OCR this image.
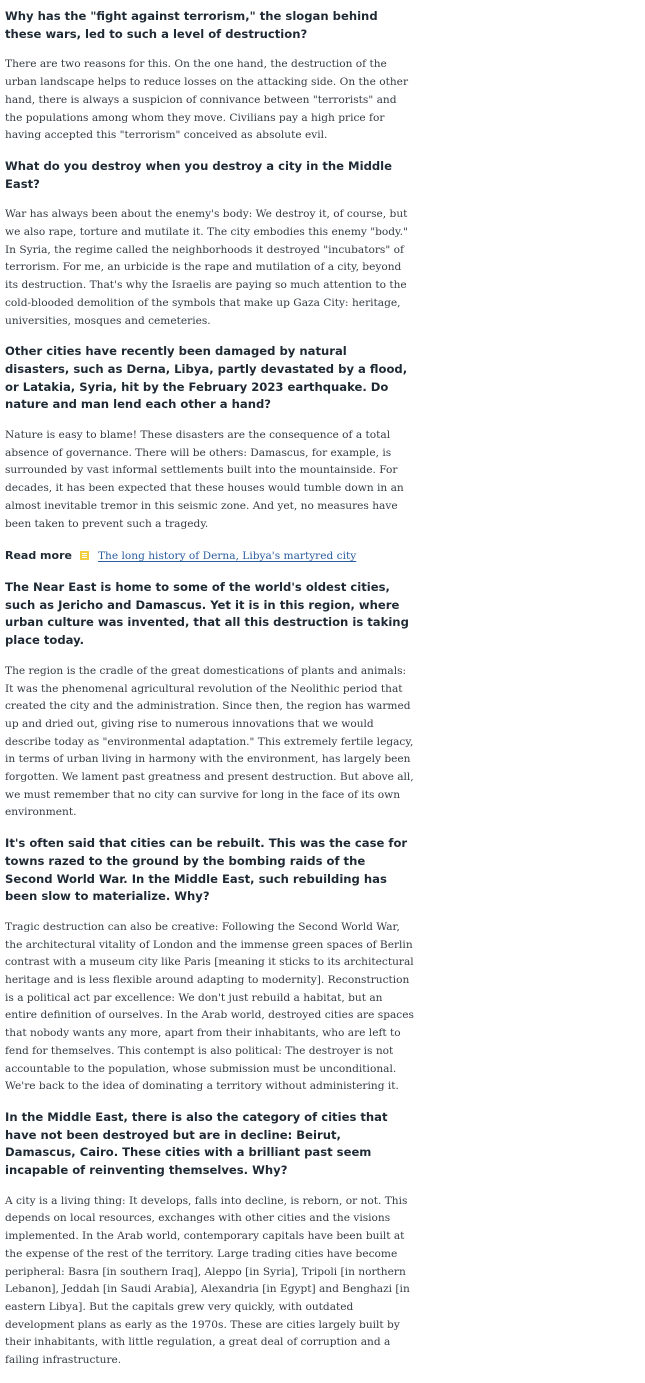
Why has the "fight against terrorism," the slogan behind these wars, led to such a level of destruction?

There are two reasons for this. On the one hand, the destruction of the urban landscape helps to reduce losses on the attacking side. On the other hand, there is always a suspicion of connivance between "terrorists" and the populations among whom they move. Civilians pay a high price for having accepted this "terrorism" conceived as absolute evil.

What do you destroy when you destroy a city in the Middle East?

War has always been about the enemy's body: We destroy it, of course, but we also rape, torture and mutilate it. The city embodies this enemy "body." In Syria, the regime called the neighborhoods it destroyed "incubators" of terrorism. For me, an urbicide is the rape and mutilation of a city, beyond its destruction. That's why the Israelis are paying so much attention to the cold-blooded demolition of the symbols that make up Gaza City: heritage, universities, mosques and cemeteries.

Other cities have recently been damaged by natural disasters, such as Derna, Libya, partly devastated by a flood, or Latakia, Syria, hit by the February 2023 earthquake. Do nature and man lend each other a hand?

Nature is easy to blame! These disasters are the consequence of a total absence of governance. There will be others: Damascus, for example, is surrounded by vast informal settlements built into the mountainside. For decades, it has been expected that these houses would tumble down in an almost inevitable tremor in this seismic zone. And yet, no measures have been taken to prevent such a tragedy.

Read more The long history of Derna, Libya's martyred city

The Near East is home to some of the world's oldest cities, such as Jericho and Damascus. Yet it is in this region, where urban culture was invented, that all this destruction is taking place today.

The region is the cradle of the great domestications of plants and animals: It was the phenomenal agricultural revolution of the Neolithic period that created the city and the administration. Since then, the region has warmed up and dried out, giving rise to numerous innovations that we would describe today as "environmental adaptation." This extremely fertile legacy, in terms of urban living in harmony with the environment, has largely been forgotten. We lament past greatness and present destruction. But above all, we must remember that no city can survive for long in the face of its own environment.

It's often said that cities can be rebuilt. This was the case for towns razed to the ground by the bombing raids of the Second World War. In the Middle East, such rebuilding has been slow to materialize. Why?

Tragic destruction can also be creative: Following the Second World War, the architectural vitality of London and the immense green spaces of Berlin contrast with a museum city like Paris [meaning it sticks to its architectural heritage and is less flexible around adapting to modernity]. Reconstruction is a political act par excellence: We don't just rebuild a habitat, but an entire definition of ourselves. In the Arab world, destroyed cities are spaces that nobody wants any more, apart from their inhabitants, who are left to fend for themselves. This contempt is also political: The destroyer is not accountable to the population, whose submission must be unconditional. We're back to the idea of dominating a territory without administering it.

In the Middle East, there is also the category of cities that have not been destroyed but are in decline: Beirut, Damascus, Cairo. These cities with a brilliant past seem incapable of reinventing themselves. Why?

A city is a living thing: It develops, falls into decline, is reborn, or not. This depends on local resources, exchanges with other cities and the visions implemented. In the Arab world, contemporary capitals have been built at the expense of the rest of the territory. Large trading cities have become peripheral: Basra [in southern Iraq], Aleppo [in Syria], Tripoli [in northern Lebanon], Jeddah [in Saudi Arabia], Alexandria [in Egypt] and Benghazi [in eastern Libya]. But the capitals grew very quickly, with outdated development plans as early as the 1970s. These are cities largely built by their inhabitants, with little regulation, a great deal of corruption and a failing infrastructure.
